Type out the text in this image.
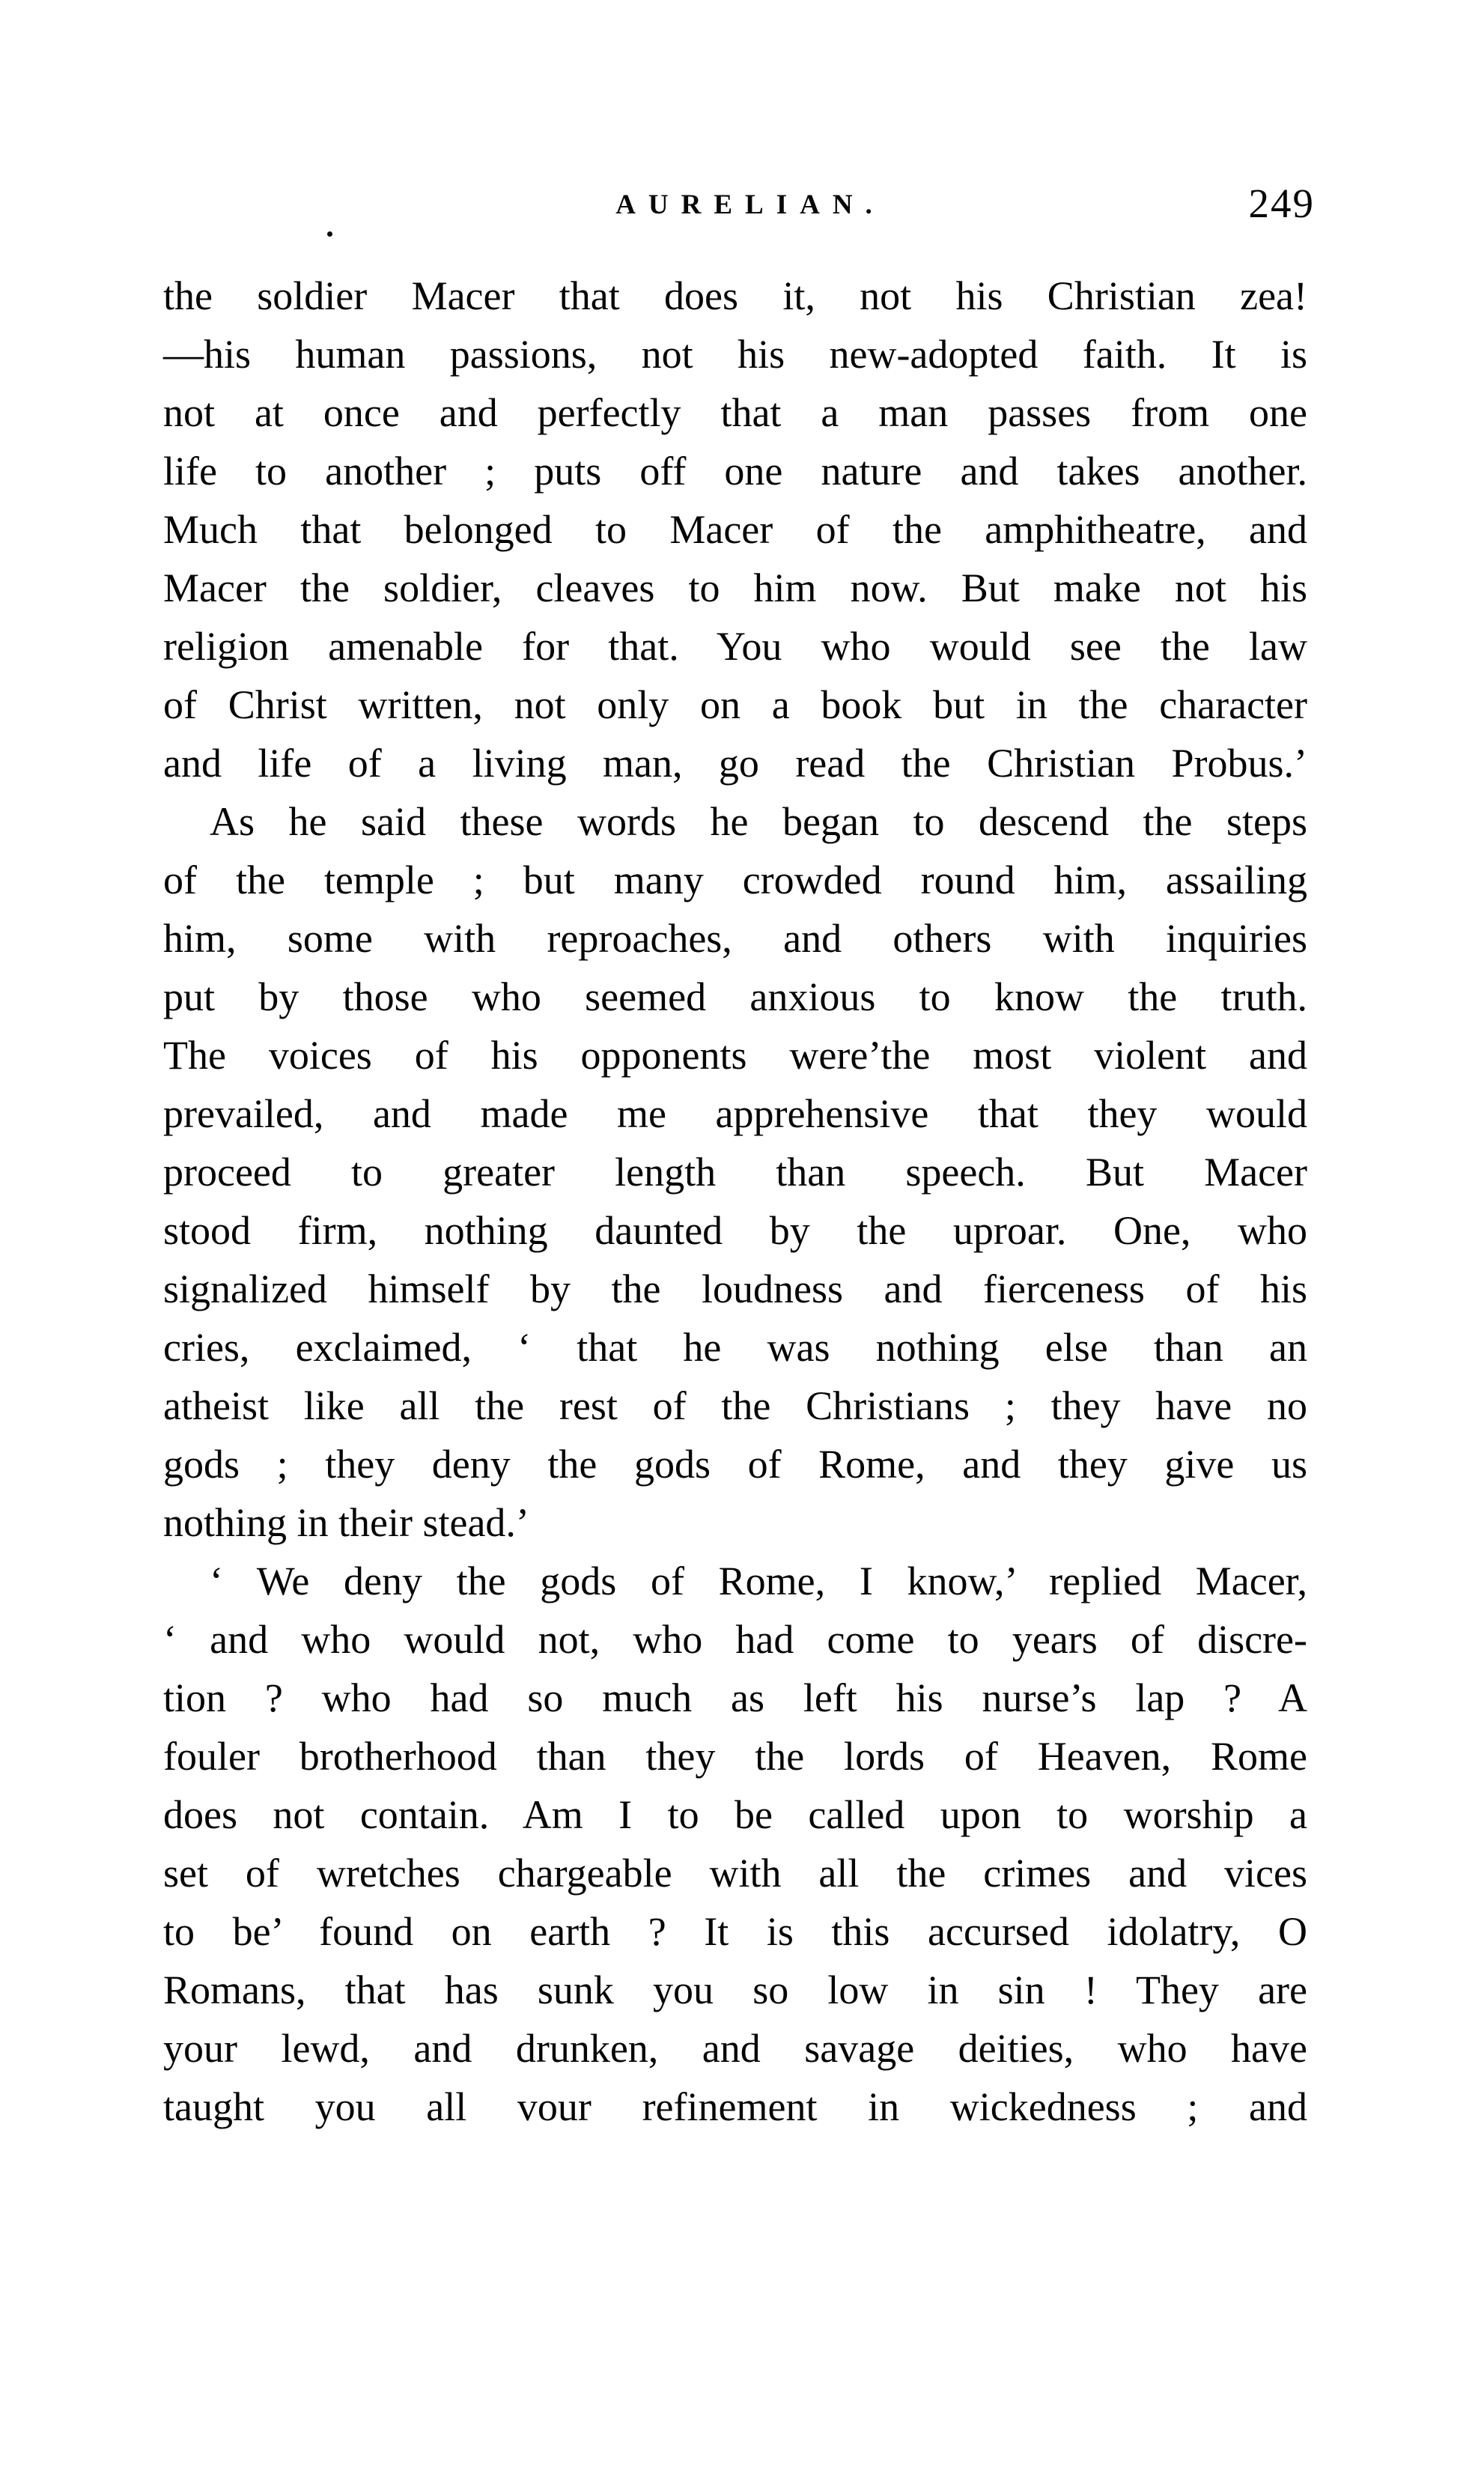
AURELIAN.	249
the soldier Macer that does it, not his Christian zea!
—his human passions, not his new-adopted faith. It is
not at once and perfectly that a man passes from one
life to another ; puts off one nature and takes another.
Much that belonged to Macer of the amphitheatre, and
Macer the soldier, cleaves to him now. But make not his
religion amenable for that. You who would see the law
of Christ written, not only on a book but in the character
and life of a living man, go read the Christian Probus.’
As he said these words he began to descend the steps
of the temple ; but many crowded round him, assailing
him, some with reproaches, and others with inquiries
put by those who seemed anxious to know the truth.
The voices of his opponents were’the most violent and
prevailed, and made me apprehensive that they would
proceed to greater length than speech. But Macer
stood firm, nothing daunted by the uproar. One, who
signalized himself by the loudness and fierceness of his
cries, exclaimed, ‘ that he was nothing else than an
atheist like all the rest of the Christians ; they have no
gods ; they deny the gods of Rome, and they give us
nothing in their stead.’
‘ We deny the gods of Rome, I know,’ replied Macer,
‘ and who would not, who had come to years of discre-
tion ? who had so much as left his nurse’s lap ? A
fouler brotherhood than they the lords of Heaven, Rome
does not contain. Am I to be called upon to worship a
set of wretches chargeable with all the crimes and vices
to be’ found on earth ? It is this accursed idolatry, O
Romans, that has sunk you so low in sin ! They are
your lewd, and drunken, and savage deities, who have
taught you all vour refinement in wickedness ; and
